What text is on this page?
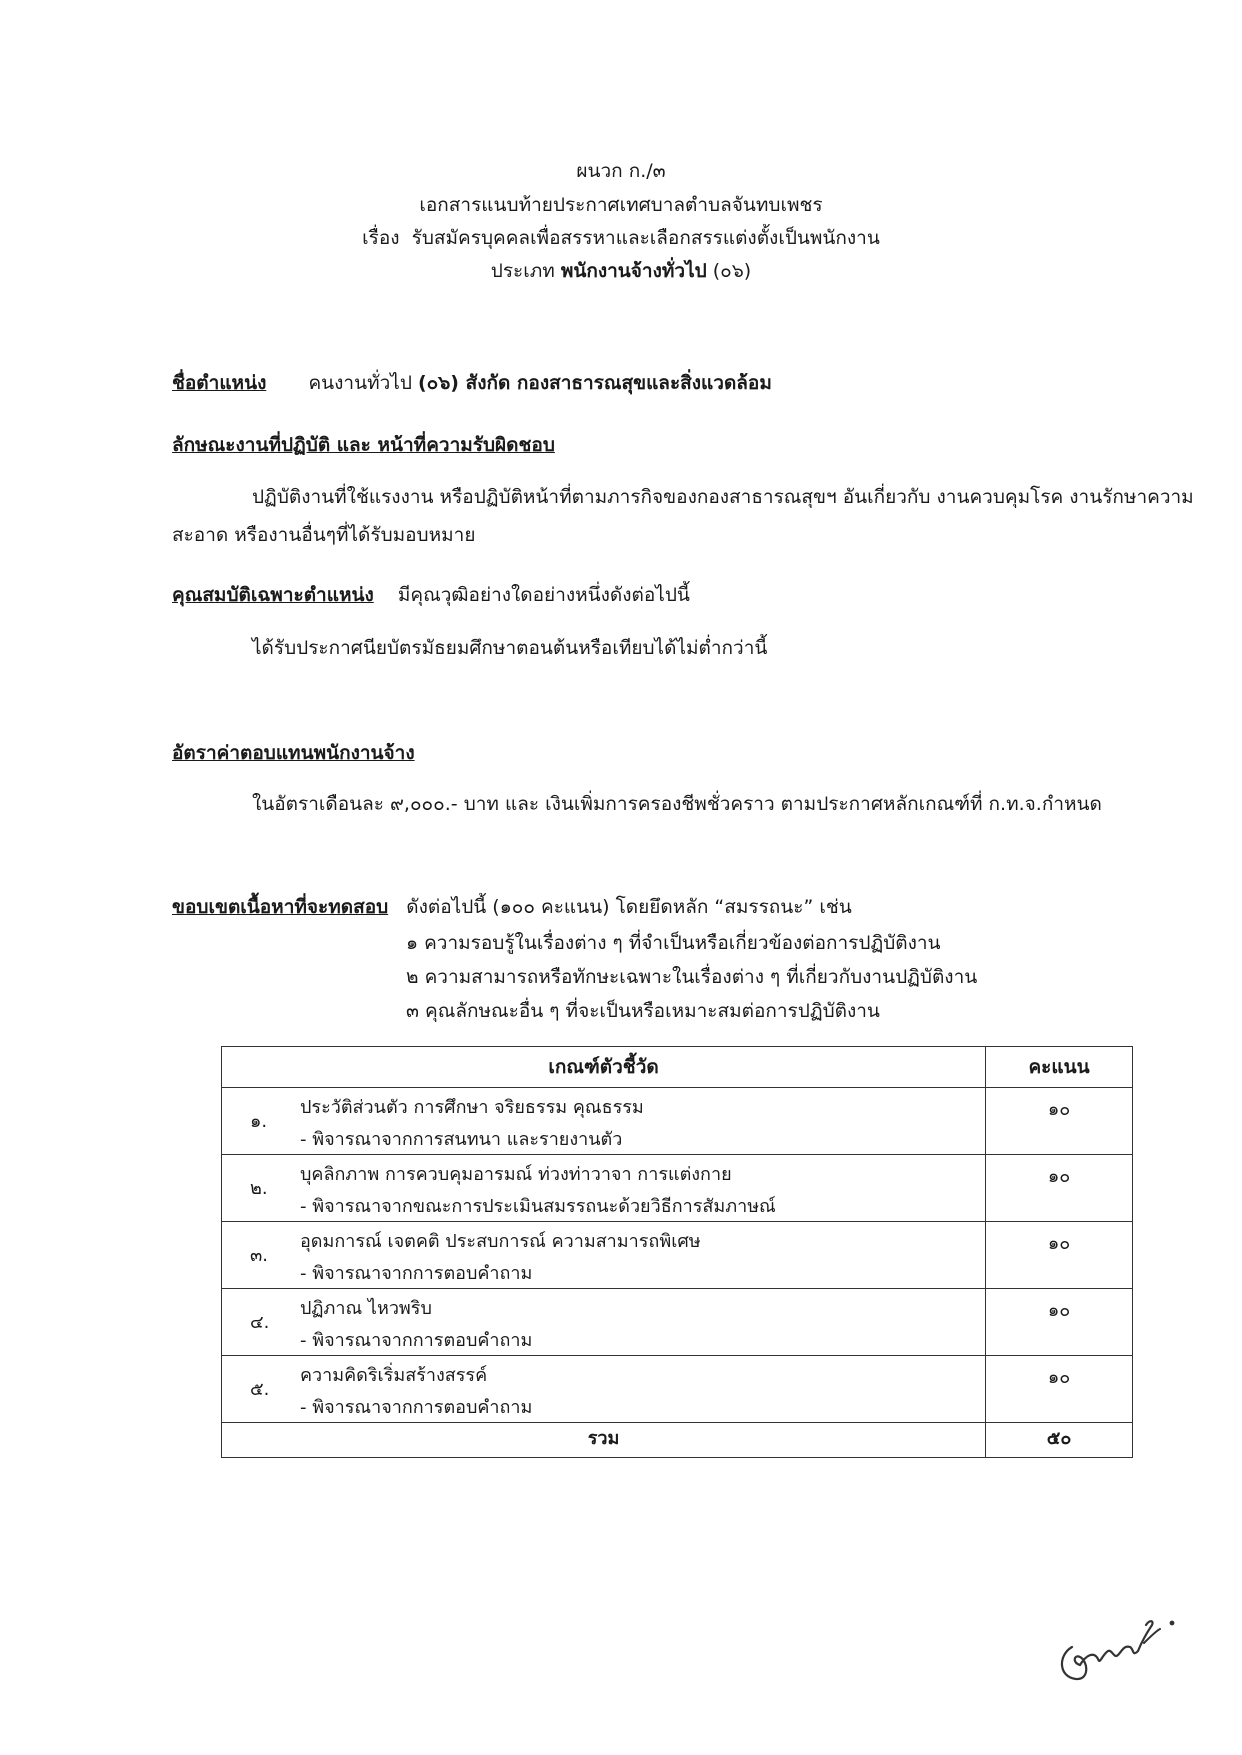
ผนวก ก./๓
เอกสารแนบท้ายประกาศเทศบาลตำบลจันทบเพชร
เรื่อง รับสมัครบุคคลเพื่อสรรหาและเลือกสรรแต่งตั้งเป็นพนักงาน
ประเภท พนักงานจ้างทั่วไป (๐๖)
ชื่อตำแหน่ง คนงานทั่วไป (๐๖) สังกัด กองสาธารณสุขและสิ่งแวดล้อม
ลักษณะงานที่ปฏิบัติ และ หน้าที่ความรับผิดชอบ
ปฏิบัติงานที่ใช้แรงงาน หรือปฏิบัติหน้าที่ตามภารกิจของกองสาธารณสุขฯ อันเกี่ยวกับ งานควบคุมโรค งานรักษาความ
สะอาด หรืองานอื่นๆที่ได้รับมอบหมาย
คุณสมบัติเฉพาะตำแหน่ง มีคุณวุฒิอย่างใดอย่างหนึ่งดังต่อไปนี้
ได้รับประกาศนียบัตรมัธยมศึกษาตอนต้นหรือเทียบได้ไม่ต่ำกว่านี้
อัตราค่าตอบแทนพนักงานจ้าง
ในอัตราเดือนละ ๙,๐๐๐.- บาท และ เงินเพิ่มการครองชีพชั่วคราว ตามประกาศหลักเกณฑ์ที่ ก.ท.จ.กำหนด
ขอบเขตเนื้อหาที่จะทดสอบ ดังต่อไปนี้ (๑๐๐ คะแนน) โดยยึดหลัก “สมรรถนะ” เช่น
๑ ความรอบรู้ในเรื่องต่าง ๆ ที่จำเป็นหรือเกี่ยวข้องต่อการปฏิบัติงาน
๒ ความสามารถหรือทักษะเฉพาะในเรื่องต่าง ๆ ที่เกี่ยวกับงานปฏิบัติงาน
๓ คุณลักษณะอื่น ๆ ที่จะเป็นหรือเหมาะสมต่อการปฏิบัติงาน
เกณฑ์ตัวชี้วัด	คะแนน

๑.
ประวัติส่วนตัว การศึกษา จริยธรรม คุณธรรม
- พิจารณาจากการสนทนา และรายงานตัว	๑๐

๒.
บุคลิกภาพ การควบคุมอารมณ์ ท่วงท่าวาจา การแต่งกาย
- พิจารณาจากขณะการประเมินสมรรถนะด้วยวิธีการสัมภาษณ์	๑๐

๓.
อุดมการณ์ เจตคติ ประสบการณ์ ความสามารถพิเศษ
- พิจารณาจากการตอบคำถาม	๑๐

๔.
ปฏิภาณ ไหวพริบ
- พิจารณาจากการตอบคำถาม	๑๐

๕.
ความคิดริเริ่มสร้างสรรค์
- พิจารณาจากการตอบคำถาม	๑๐
รวม	๕๐
